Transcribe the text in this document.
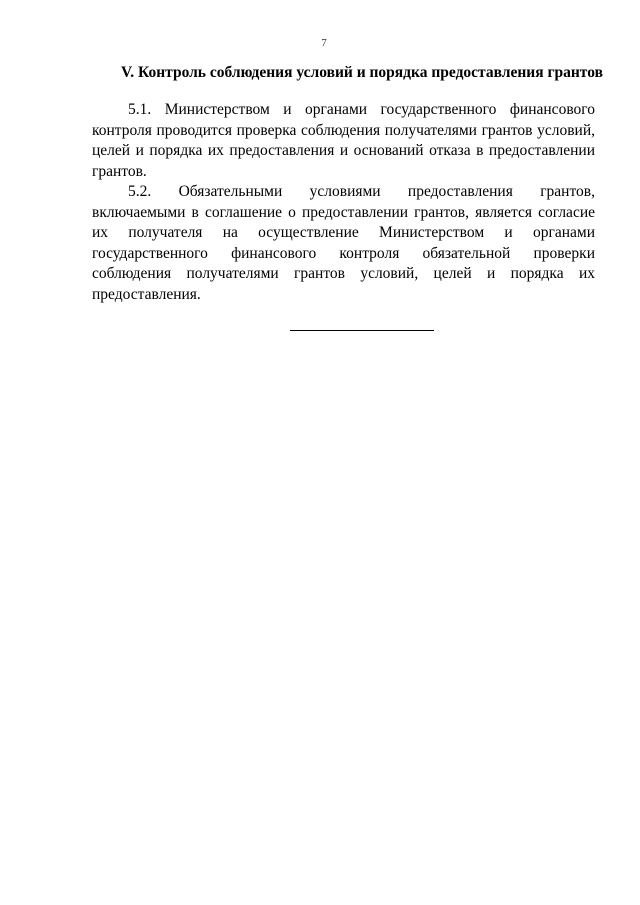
7
V. Контроль соблюдения условий и порядка предоставления грантов

5.1. Министерством и органами государственного финансового контроля проводится проверка соблюдения получателями грантов условий, целей и порядка их предоставления и оснований отказа в предоставлении грантов.

5.2. Обязательными условиями предоставления грантов, включаемыми в соглашение о предоставлении грантов, является согласие их получателя на осуществление Министерством и органами государственного финансового контроля обязательной проверки соблюдения получателями грантов условий, целей и порядка их предоставления.
